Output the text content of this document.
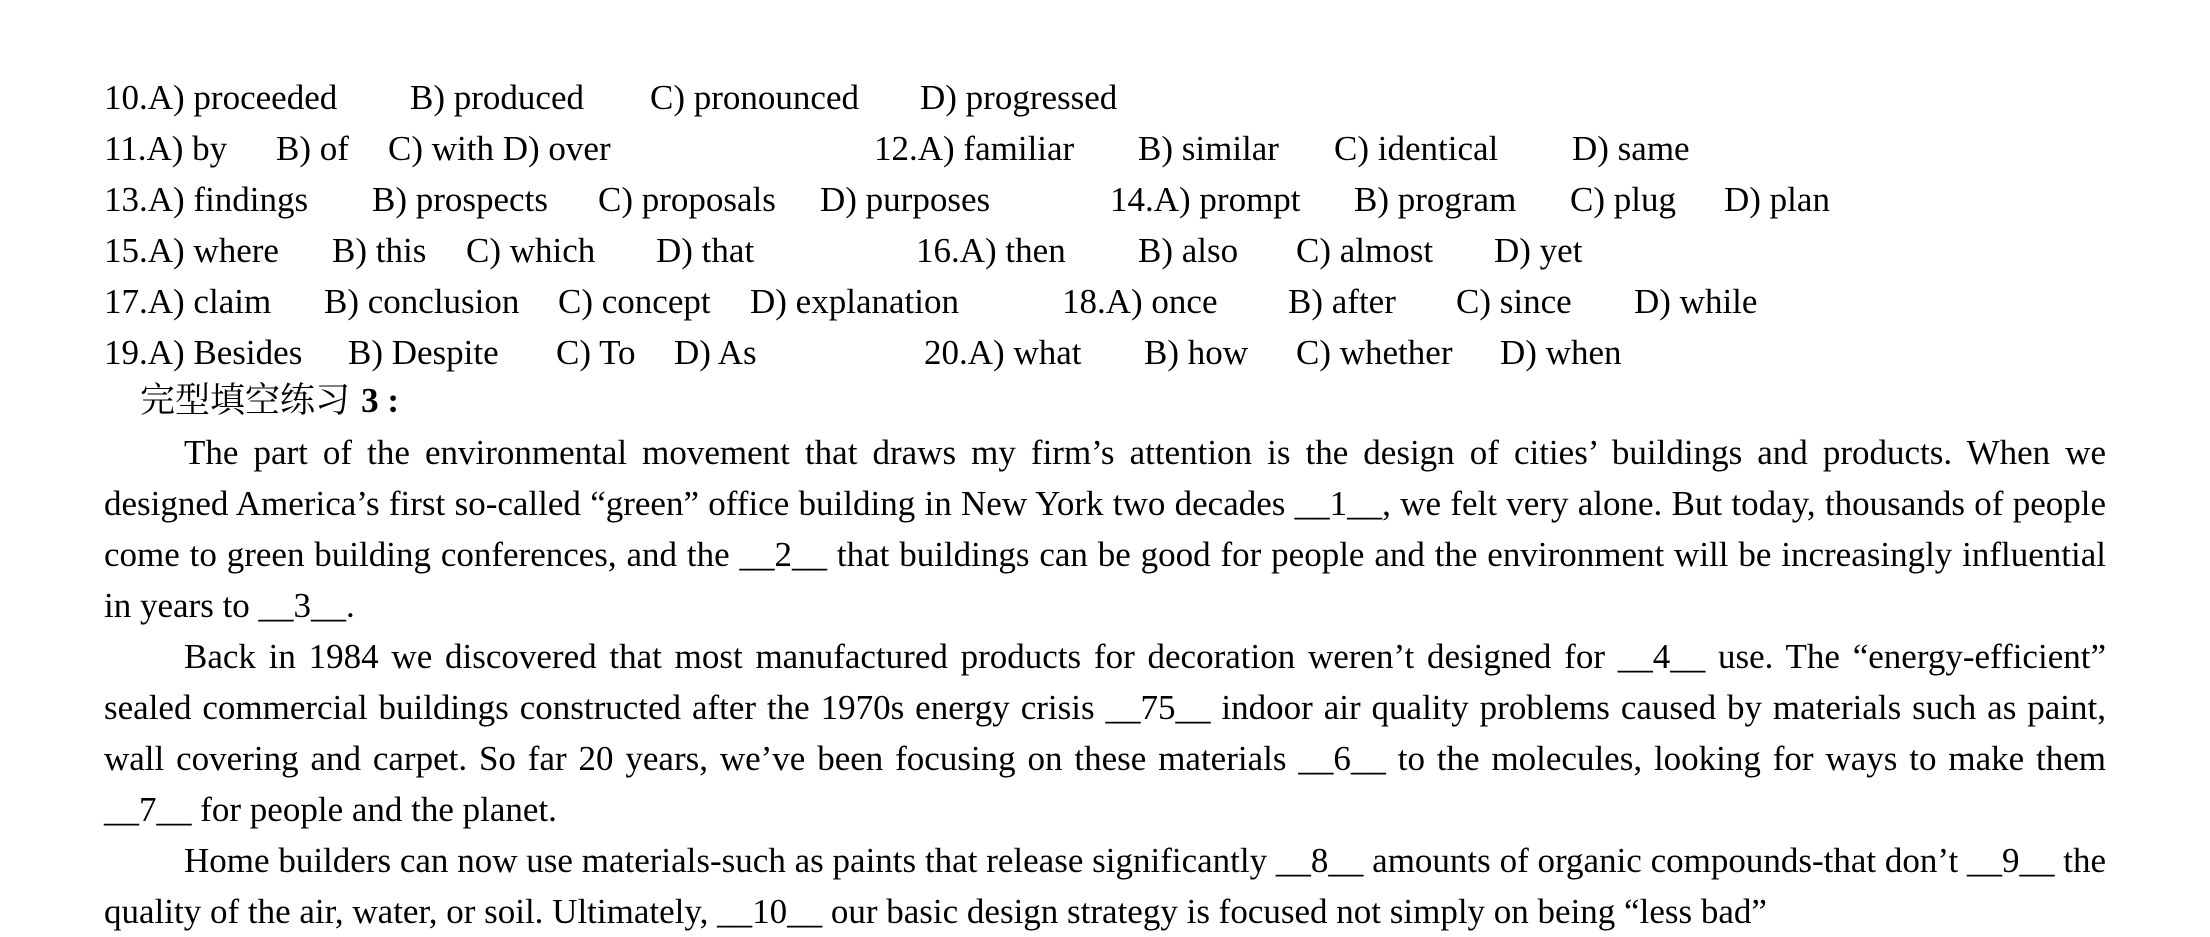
10.A) proceeded B) produced C) pronounced D) progressed
11.A) by B) of C) with D) over	12.A) familiar B) similar C) identical D) same
13.A) findings B) prospects C) proposals D) purposes	14.A) prompt B) program C) plug D) plan
15.A) where B) this C) which D) that	16.A) then B) also C) almost D) yet
17.A) claim B) conclusion C) concept D) explanation	18.A) once B) after C) since D) while
19.A) Besides B) Despite C) To D) As	20.A) what B) how C) whether D) when
完型填空练习 3 :

The part of the environmental movement that draws my firm’s attention is the design of cities’ buildings and products. When we designed America’s first so-called “green” office building in New York two decades __1__, we felt very alone. But today, thousands of people come to green building conferences, and the __2__ that buildings can be good for people and the environment will be increasingly influential in years to __3__.

Back in 1984 we discovered that most manufactured products for decoration weren’t designed for __4__ use. The “energy-efficient” sealed commercial buildings constructed after the 1970s energy crisis __75__ indoor air quality problems caused by materials such as paint, wall covering and carpet. So far 20 years, we’ve been focusing on these materials __6__ to the molecules, looking for ways to make them __7__ for people and the planet.

Home builders can now use materials-such as paints that release significantly __8__ amounts of organic compounds-that don’t __9__ the quality of the air, water, or soil. Ultimately, __10__ our basic design strategy is focused not simply on being “less bad”
